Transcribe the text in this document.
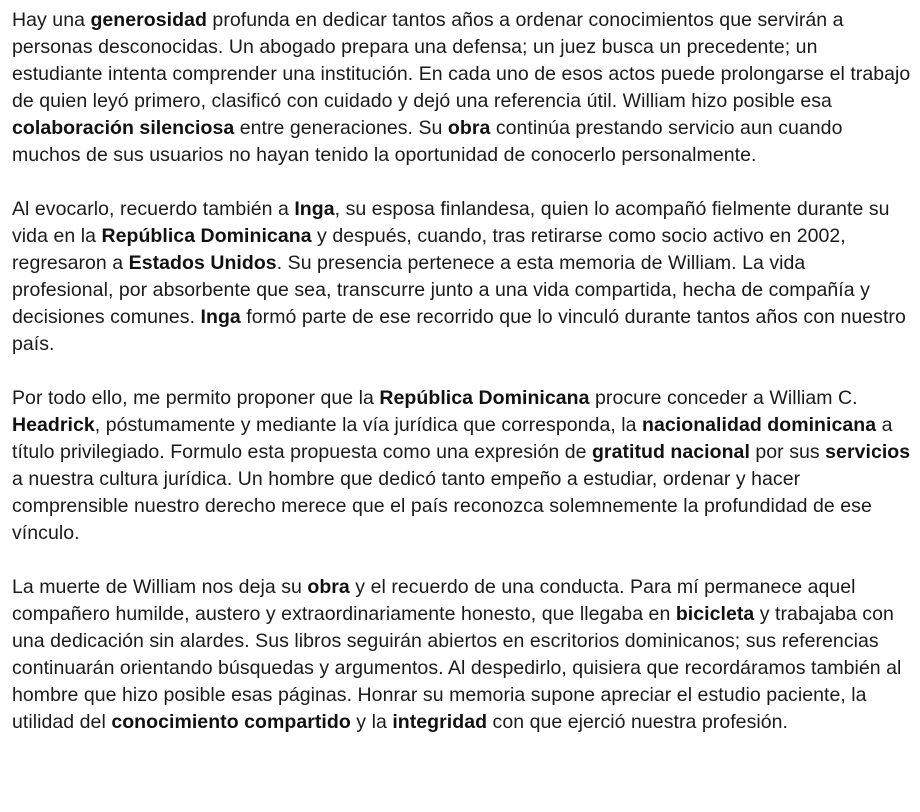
Hay una generosidad profunda en dedicar tantos años a ordenar conocimientos que servirán a personas desconocidas. Un abogado prepara una defensa; un juez busca un precedente; un estudiante intenta comprender una institución. En cada uno de esos actos puede prolongarse el trabajo de quien leyó primero, clasificó con cuidado y dejó una referencia útil. William hizo posible esa colaboración silenciosa entre generaciones. Su obra continúa prestando servicio aun cuando muchos de sus usuarios no hayan tenido la oportunidad de conocerlo personalmente.

Al evocarlo, recuerdo también a Inga, su esposa finlandesa, quien lo acompañó fielmente durante su vida en la República Dominicana y después, cuando, tras retirarse como socio activo en 2002, regresaron a Estados Unidos. Su presencia pertenece a esta memoria de William. La vida profesional, por absorbente que sea, transcurre junto a una vida compartida, hecha de compañía y decisiones comunes. Inga formó parte de ese recorrido que lo vinculó durante tantos años con nuestro país.

Por todo ello, me permito proponer que la República Dominicana procure conceder a William C. Headrick, póstumamente y mediante la vía jurídica que corresponda, la nacionalidad dominicana a título privilegiado. Formulo esta propuesta como una expresión de gratitud nacional por sus servicios a nuestra cultura jurídica. Un hombre que dedicó tanto empeño a estudiar, ordenar y hacer comprensible nuestro derecho merece que el país reconozca solemnemente la profundidad de ese vínculo.

La muerte de William nos deja su obra y el recuerdo de una conducta. Para mí permanece aquel compañero humilde, austero y extraordinariamente honesto, que llegaba en bicicleta y trabajaba con una dedicación sin alardes. Sus libros seguirán abiertos en escritorios dominicanos; sus referencias continuarán orientando búsquedas y argumentos. Al despedirlo, quisiera que recordáramos también al hombre que hizo posible esas páginas. Honrar su memoria supone apreciar el estudio paciente, la utilidad del conocimiento compartido y la integridad con que ejerció nuestra profesión.
